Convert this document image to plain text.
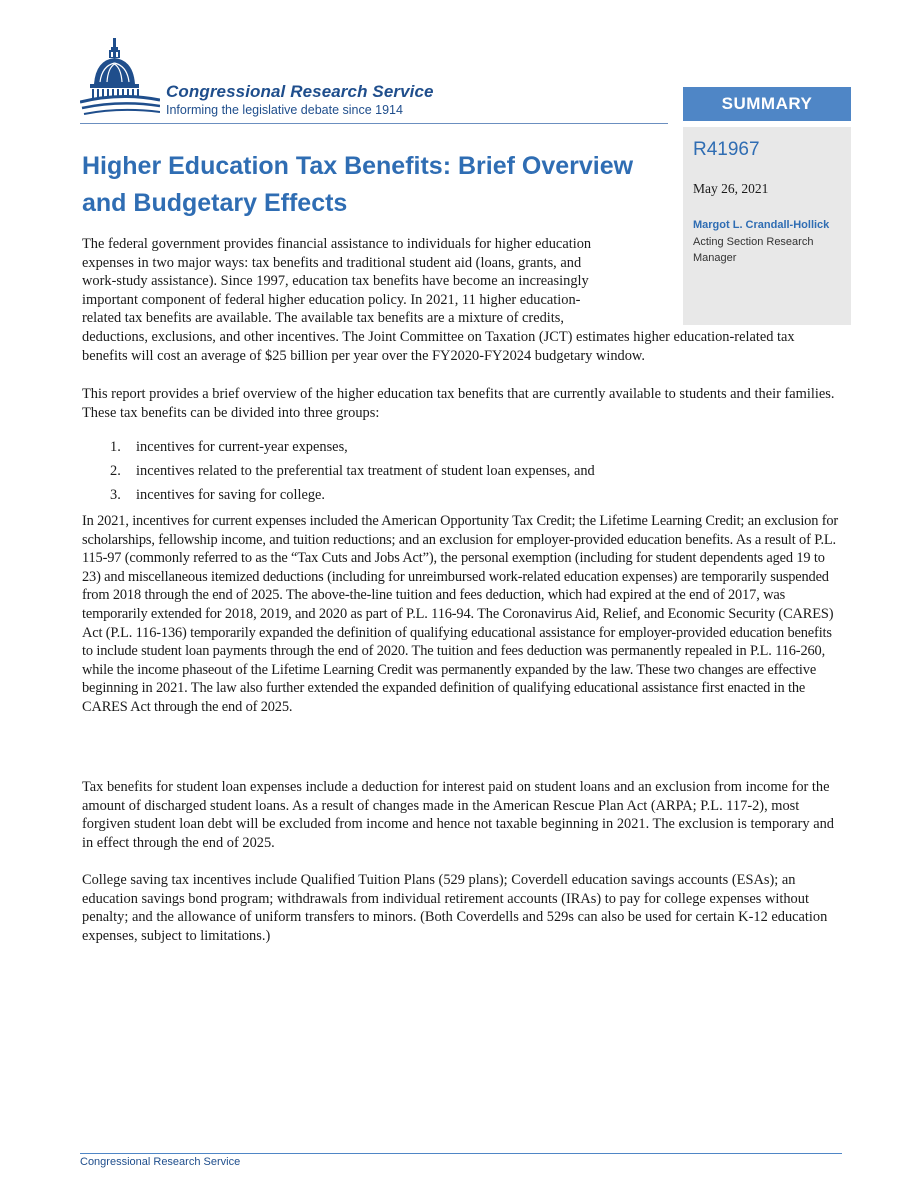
Congressional Research Service
Informing the legislative debate since 1914	SUMMARY
R41967
May 26, 2021
Margot L. Crandall-Hollick
Acting Section Research Manager
Higher Education Tax Benefits: Brief Overview and Budgetary Effects
The federal government provides financial assistance to individuals for higher education
expenses in two major ways: tax benefits and traditional student aid (loans, grants, and
work-study assistance). Since 1997, education tax benefits have become an increasingly
important component of federal higher education policy. In 2021, 11 higher education-
related tax benefits are available. The available tax benefits are a mixture of credits,

deductions, exclusions, and other incentives. The Joint Committee on Taxation (JCT) estimates higher education-related tax benefits will cost an average of $25 billion per year over the FY2020-FY2024 budgetary window.

This report provides a brief overview of the higher education tax benefits that are currently available to students and their families. These tax benefits can be divided into three groups:

1. incentives for current-year expenses,
2. incentives related to the preferential tax treatment of student loan expenses, and
3. incentives for saving for college.

In 2021, incentives for current expenses included the American Opportunity Tax Credit; the Lifetime Learning Credit; an exclusion for scholarships, fellowship income, and tuition reductions; and an exclusion for employer-provided education benefits. As a result of P.L. 115-97 (commonly referred to as the “Tax Cuts and Jobs Act”), the personal exemption (including for student dependents aged 19 to 23) and miscellaneous itemized deductions (including for unreimbursed work-related education expenses) are temporarily suspended from 2018 through the end of 2025. The above-the-line tuition and fees deduction, which had expired at the end of 2017, was temporarily extended for 2018, 2019, and 2020 as part of P.L. 116-94. The Coronavirus Aid, Relief, and Economic Security (CARES) Act (P.L. 116-136) temporarily expanded the definition of qualifying educational assistance for employer-provided education benefits to include student loan payments through the end of 2020. The tuition and fees deduction was permanently repealed in P.L. 116-260, while the income phaseout of the Lifetime Learning Credit was permanently expanded by the law. These two changes are effective beginning in 2021. The law also further extended the expanded definition of qualifying educational assistance first enacted in the CARES Act through the end of 2025.

Tax benefits for student loan expenses include a deduction for interest paid on student loans and an exclusion from income for the amount of discharged student loans. As a result of changes made in the American Rescue Plan Act (ARPA; P.L. 117-2), most forgiven student loan debt will be excluded from income and hence not taxable beginning in 2021. The exclusion is temporary and in effect through the end of 2025.

College saving tax incentives include Qualified Tuition Plans (529 plans); Coverdell education savings accounts (ESAs); an education savings bond program; withdrawals from individual retirement accounts (IRAs) to pay for college expenses without penalty; and the allowance of uniform transfers to minors. (Both Coverdells and 529s can also be used for certain K-12 education expenses, subject to limitations.)

Congressional Research Service
